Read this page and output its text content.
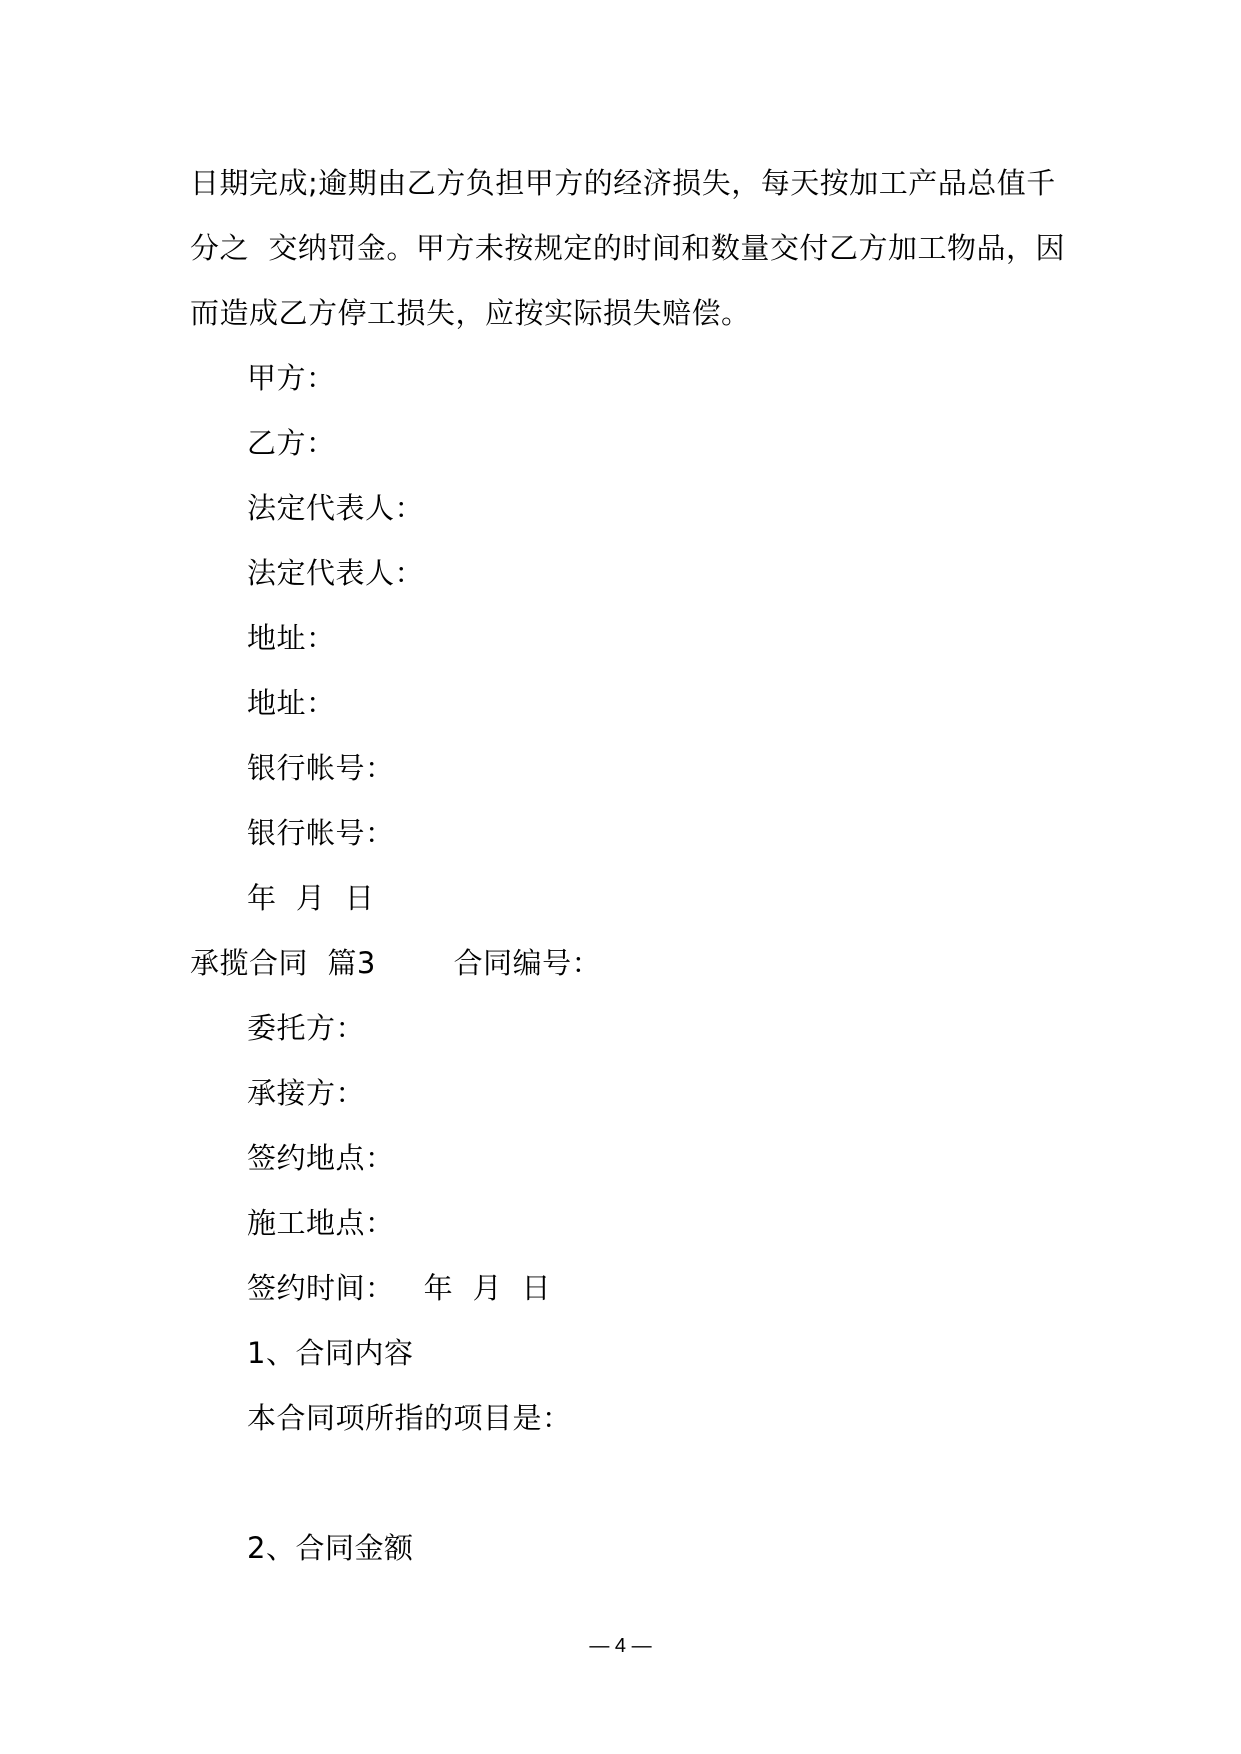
日期完成;逾期由乙方负担甲方的经济损失，每天按加工产品总值千
分之  交纳罚金。甲方未按规定的时间和数量交付乙方加工物品，因
而造成乙方停工损失，应按实际损失赔偿。
甲方：
乙方：
法定代表人：
法定代表人：
地址：
地址：
银行帐号：
银行帐号：
年  月  日
承揽合同  篇3        合同编号：
委托方：
承接方：
签约地点：
施工地点：
签约时间：   年  月  日
1、合同内容
本合同项所指的项目是：
2、合同金额
— 4 —
